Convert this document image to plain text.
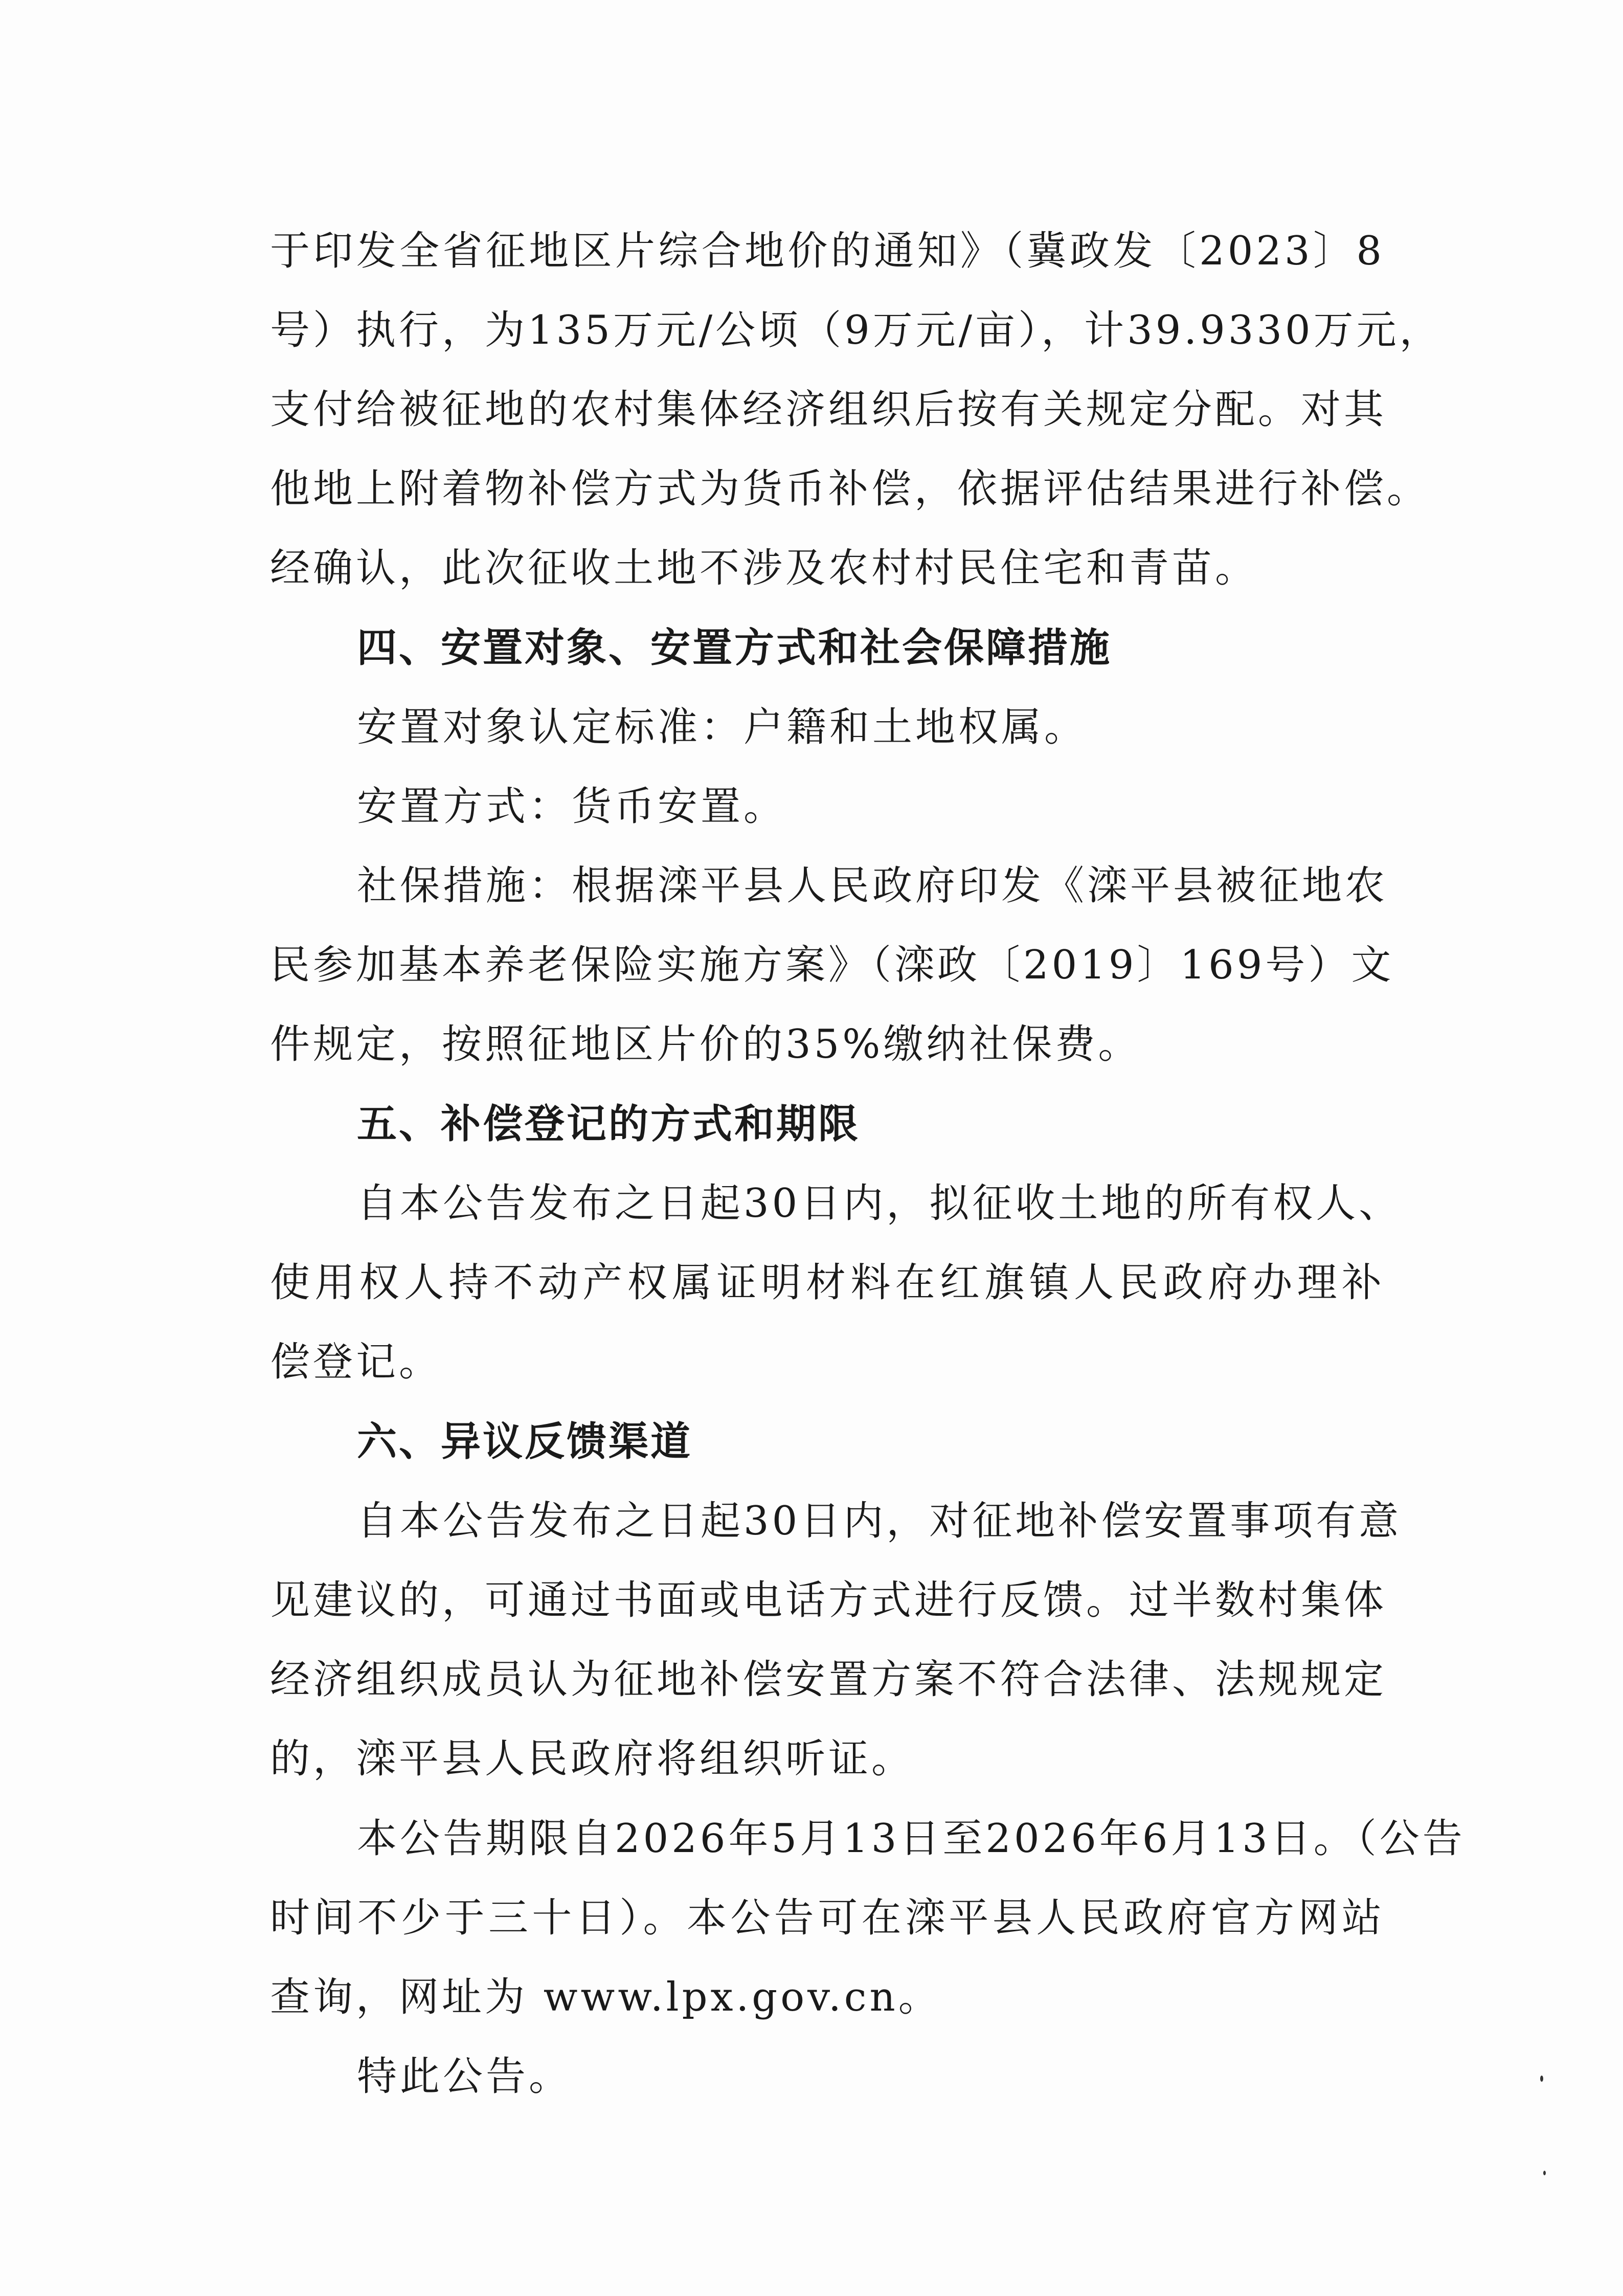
于印发全省征地区片综合地价的通知》（冀政发〔2023〕8
号）执行，为135万元/公顷（9万元/亩），计39.9330万元，
支付给被征地的农村集体经济组织后按有关规定分配。对其
他地上附着物补偿方式为货币补偿，依据评估结果进行补偿。
经确认，此次征收土地不涉及农村村民住宅和青苗。
四、安置对象、安置方式和社会保障措施
安置对象认定标准：户籍和土地权属。
安置方式：货币安置。
社保措施：根据滦平县人民政府印发《滦平县被征地农
民参加基本养老保险实施方案》（滦政〔2019〕169号）文
件规定，按照征地区片价的35%缴纳社保费。
五、补偿登记的方式和期限
自本公告发布之日起30日内，拟征收土地的所有权人、
使用权人持不动产权属证明材料在红旗镇人民政府办理补
偿登记。
六、异议反馈渠道
自本公告发布之日起30日内，对征地补偿安置事项有意
见建议的，可通过书面或电话方式进行反馈。过半数村集体
经济组织成员认为征地补偿安置方案不符合法律、法规规定
的，滦平县人民政府将组织听证。
本公告期限自2026年5月13日至2026年6月13日。（公告
时间不少于三十日）。本公告可在滦平县人民政府官方网站
查询，网址为 www.lpx.gov.cn。
特此公告。
